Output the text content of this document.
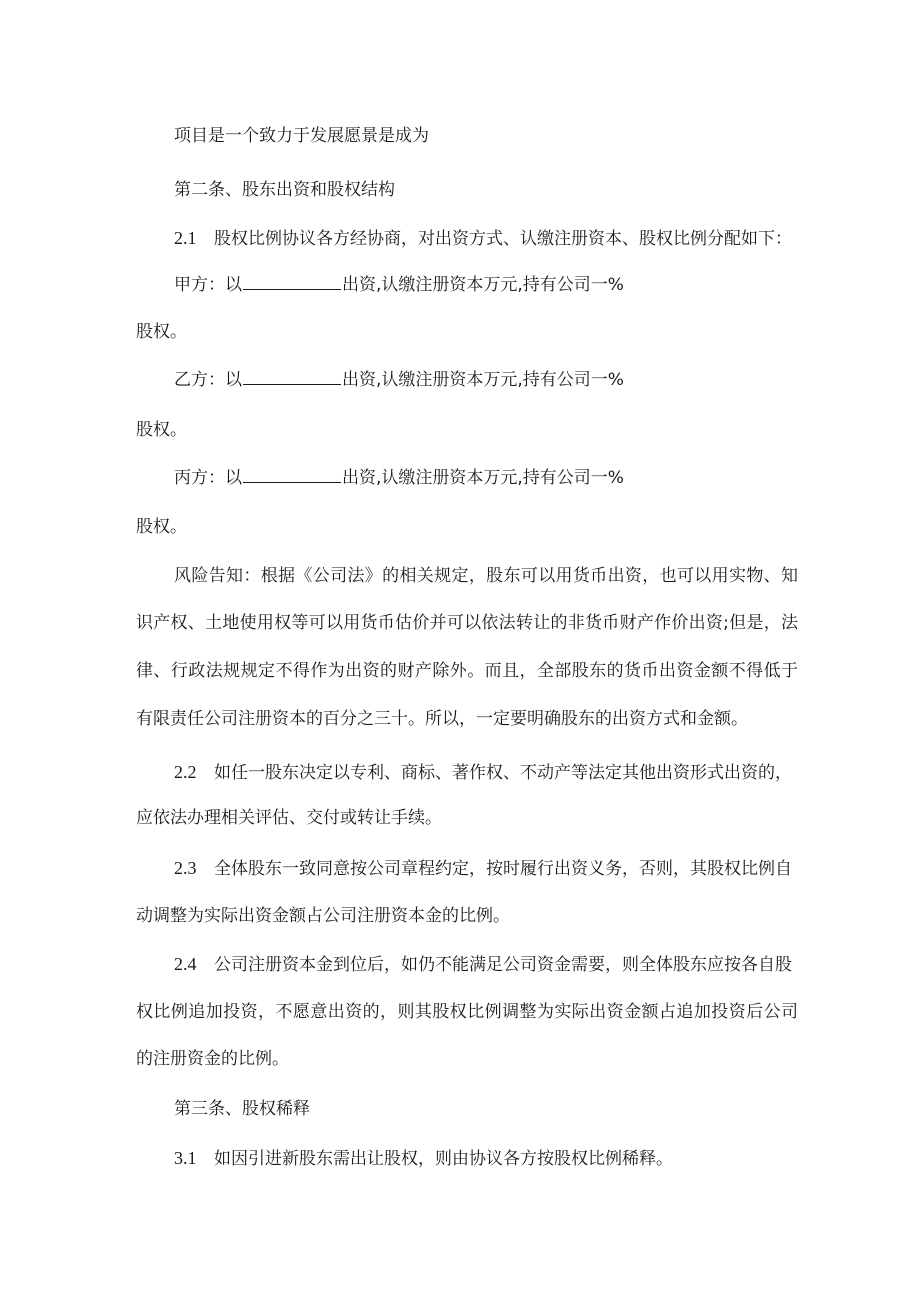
项目是一个致力于发展愿景是成为
第二条、股东出资和股权结构
2.1 股权比例协议各方经协商，对出资方式、认缴注册资本、股权比例分配如下：
甲方：以	出资,认缴注册资本万元,持有公司一%
股权。
乙方：以	出资,认缴注册资本万元,持有公司一%
股权。
丙方：以	出资,认缴注册资本万元,持有公司一%
股权。
风险告知：根据《公司法》的相关规定，股东可以用货币出资，也可以用实物、知
识产权、土地使用权等可以用货币估价并可以依法转让的非货币财产作价出资;但是，法
律、行政法规规定不得作为出资的财产除外。而且，全部股东的货币出资金额不得低于
有限责任公司注册资本的百分之三十。所以，一定要明确股东的出资方式和金额。
2.2 如任一股东决定以专利、商标、著作权、不动产等法定其他出资形式出资的，
应依法办理相关评估、交付或转让手续。
2.3 全体股东一致同意按公司章程约定，按时履行出资义务，否则，其股权比例自
动调整为实际出资金额占公司注册资本金的比例。
2.4 公司注册资本金到位后，如仍不能满足公司资金需要，则全体股东应按各自股
权比例追加投资，不愿意出资的，则其股权比例调整为实际出资金额占追加投资后公司
的注册资金的比例。
第三条、股权稀释
3.1 如因引进新股东需出让股权，则由协议各方按股权比例稀释。
